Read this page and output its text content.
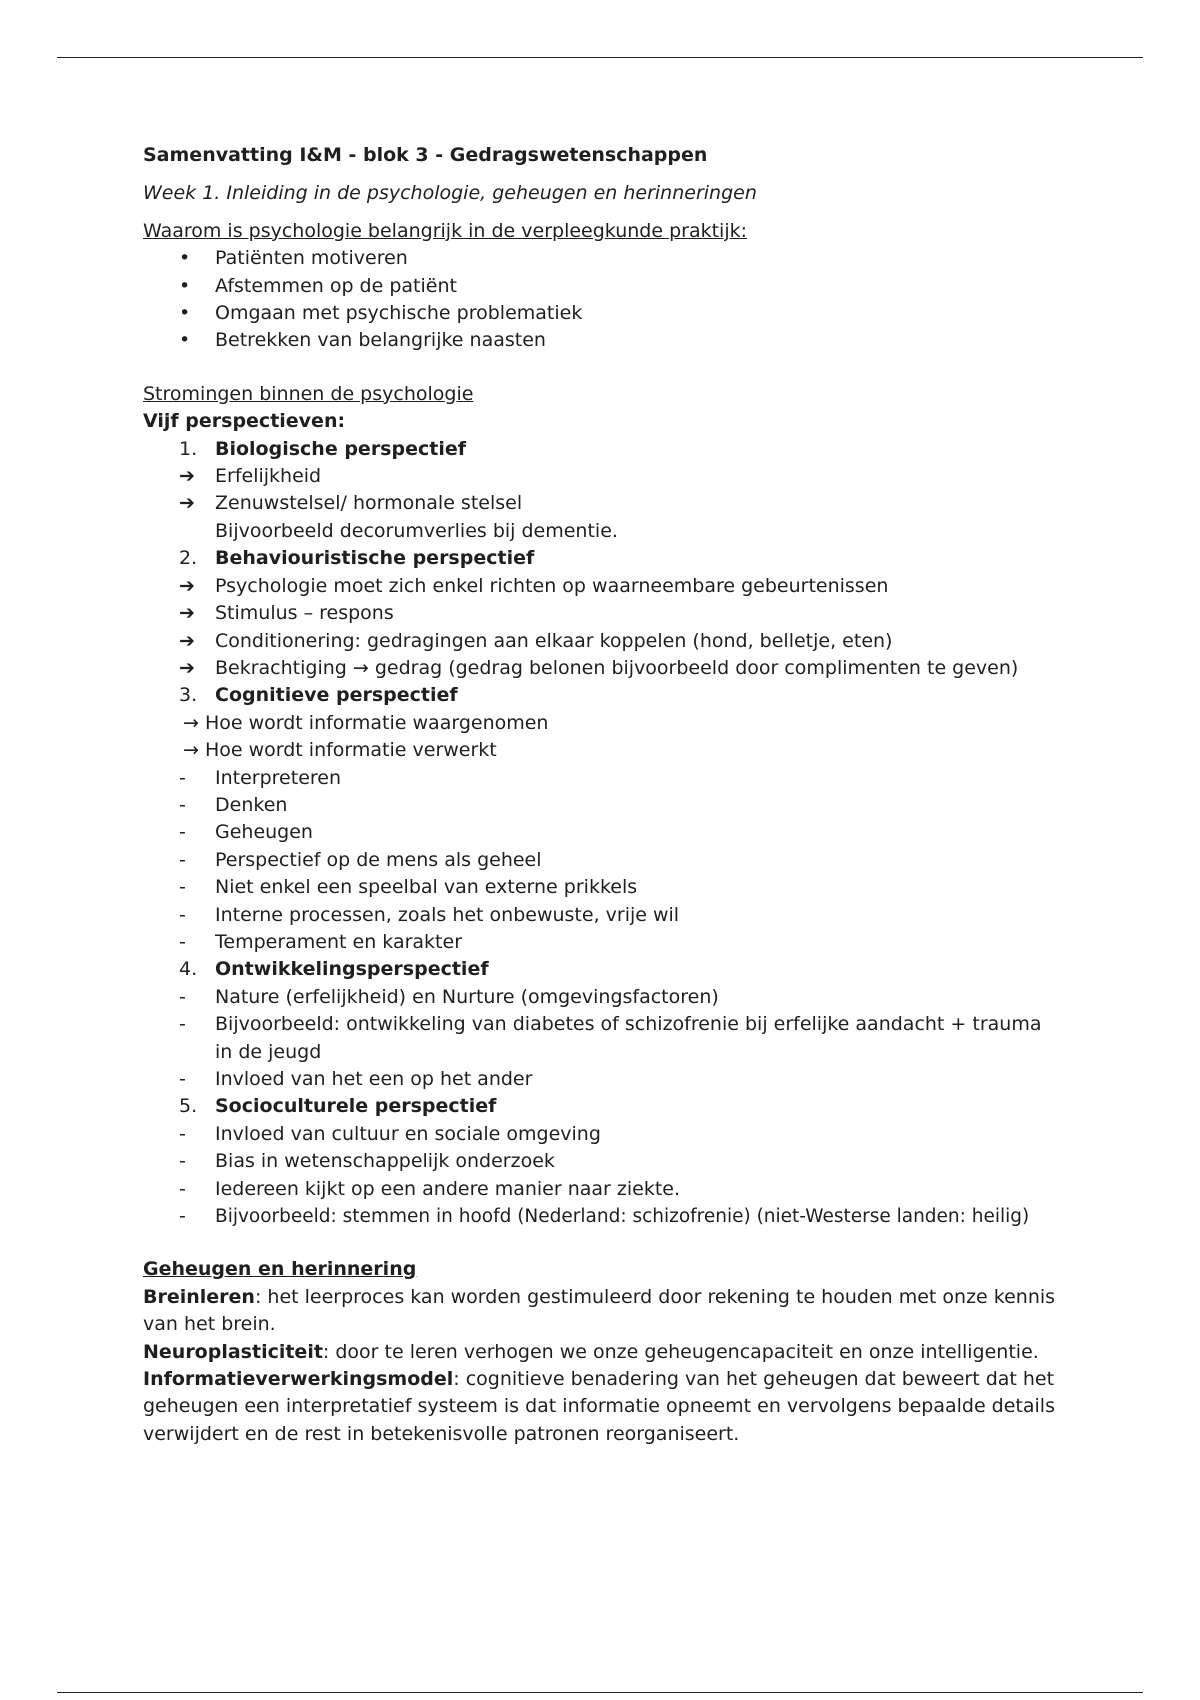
Samenvatting I&M - blok 3 - Gedragswetenschappen
Week 1. Inleiding in de psychologie, geheugen en herinneringen
Waarom is psychologie belangrijk in de verpleegkunde praktijk:
•	Patiënten motiveren
•	Afstemmen op de patiënt
•	Omgaan met psychische problematiek
•	Betrekken van belangrijke naasten
Stromingen binnen de psychologie
Vijf perspectieven:
1. Biologische perspectief
➔	Erfelijkheid
➔	Zenuwstelsel/ hormonale stelsel
Bijvoorbeeld decorumverlies bij dementie.
2. Behaviouristische perspectief
➔	Psychologie moet zich enkel richten op waarneembare gebeurtenissen
➔	Stimulus – respons
➔	Conditionering: gedragingen aan elkaar koppelen (hond, belletje, eten)
➔	Bekrachtiging → gedrag (gedrag belonen bijvoorbeeld door complimenten te geven)
3. Cognitieve perspectief
→ Hoe wordt informatie waargenomen
→ Hoe wordt informatie verwerkt
-	Interpreteren
-	Denken
-	Geheugen
-	Perspectief op de mens als geheel
-	Niet enkel een speelbal van externe prikkels
-	Interne processen, zoals het onbewuste, vrije wil
-	Temperament en karakter
4. Ontwikkelingsperspectief
-	Nature (erfelijkheid) en Nurture (omgevingsfactoren)
-	Bijvoorbeeld: ontwikkeling van diabetes of schizofrenie bij erfelijke aandacht + trauma in de jeugd
-	Invloed van het een op het ander
5. Socioculturele perspectief
-	Invloed van cultuur en sociale omgeving
-	Bias in wetenschappelijk onderzoek
-	Iedereen kijkt op een andere manier naar ziekte.
-	Bijvoorbeeld: stemmen in hoofd (Nederland: schizofrenie) (niet-Westerse landen: heilig)
Geheugen en herinnering
Breinleren: het leerproces kan worden gestimuleerd door rekening te houden met onze kennis van het brein.
Neuroplasticiteit: door te leren verhogen we onze geheugencapaciteit en onze intelligentie.
Informatieverwerkingsmodel: cognitieve benadering van het geheugen dat beweert dat het geheugen een interpretatief systeem is dat informatie opneemt en vervolgens bepaalde details verwijdert en de rest in betekenisvolle patronen reorganiseert.
